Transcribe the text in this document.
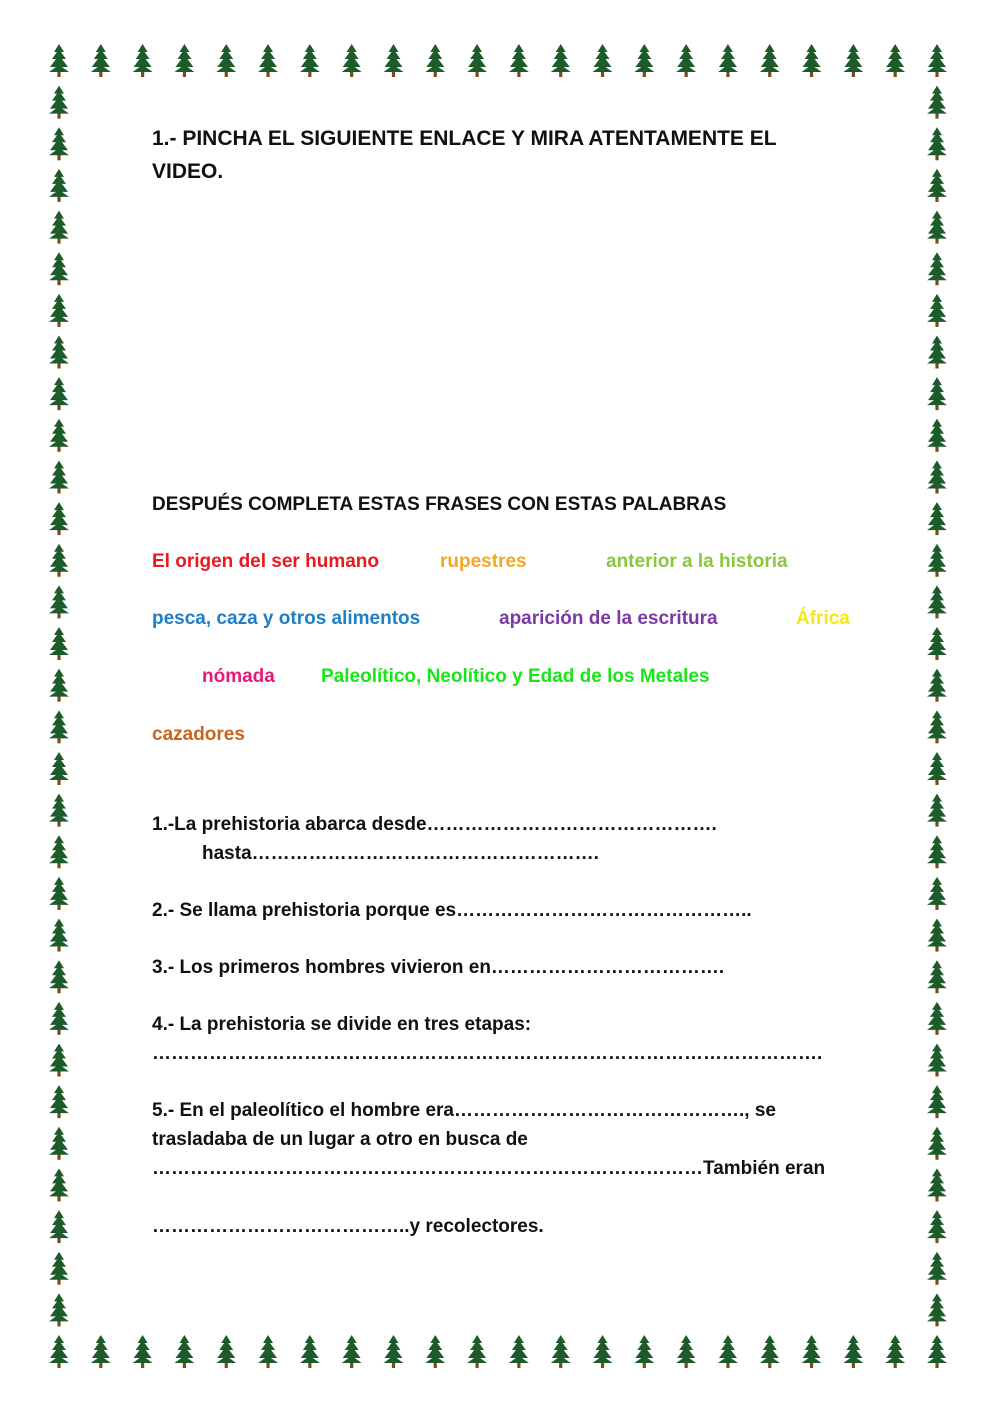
1.- PINCHA EL SIGUIENTE ENLACE Y MIRA ATENTAMENTE EL
VIDEO.
DESPUÉS COMPLETA ESTAS FRASES CON ESTAS PALABRAS
El origen del ser humano	rupestres	anterior a la historia
pesca, caza y otros alimentos	aparición de la escritura	África
nómada Paleolítico, Neolítico y Edad de los Metales
cazadores
1.-La prehistoria abarca desde……………………………………….
hasta……………………………………………….
2.- Se llama prehistoria porque es………………………………………..
3.- Los primeros hombres vivieron en……………………………….
4.- La prehistoria se divide en tres etapas:
…………………………………………………………………………………………….
5.- En el paleolítico el hombre era………………………………………., se
trasladaba de un lugar a otro en busca de
……………………………………………………………………………También eran
…………………………………..y recolectores.
